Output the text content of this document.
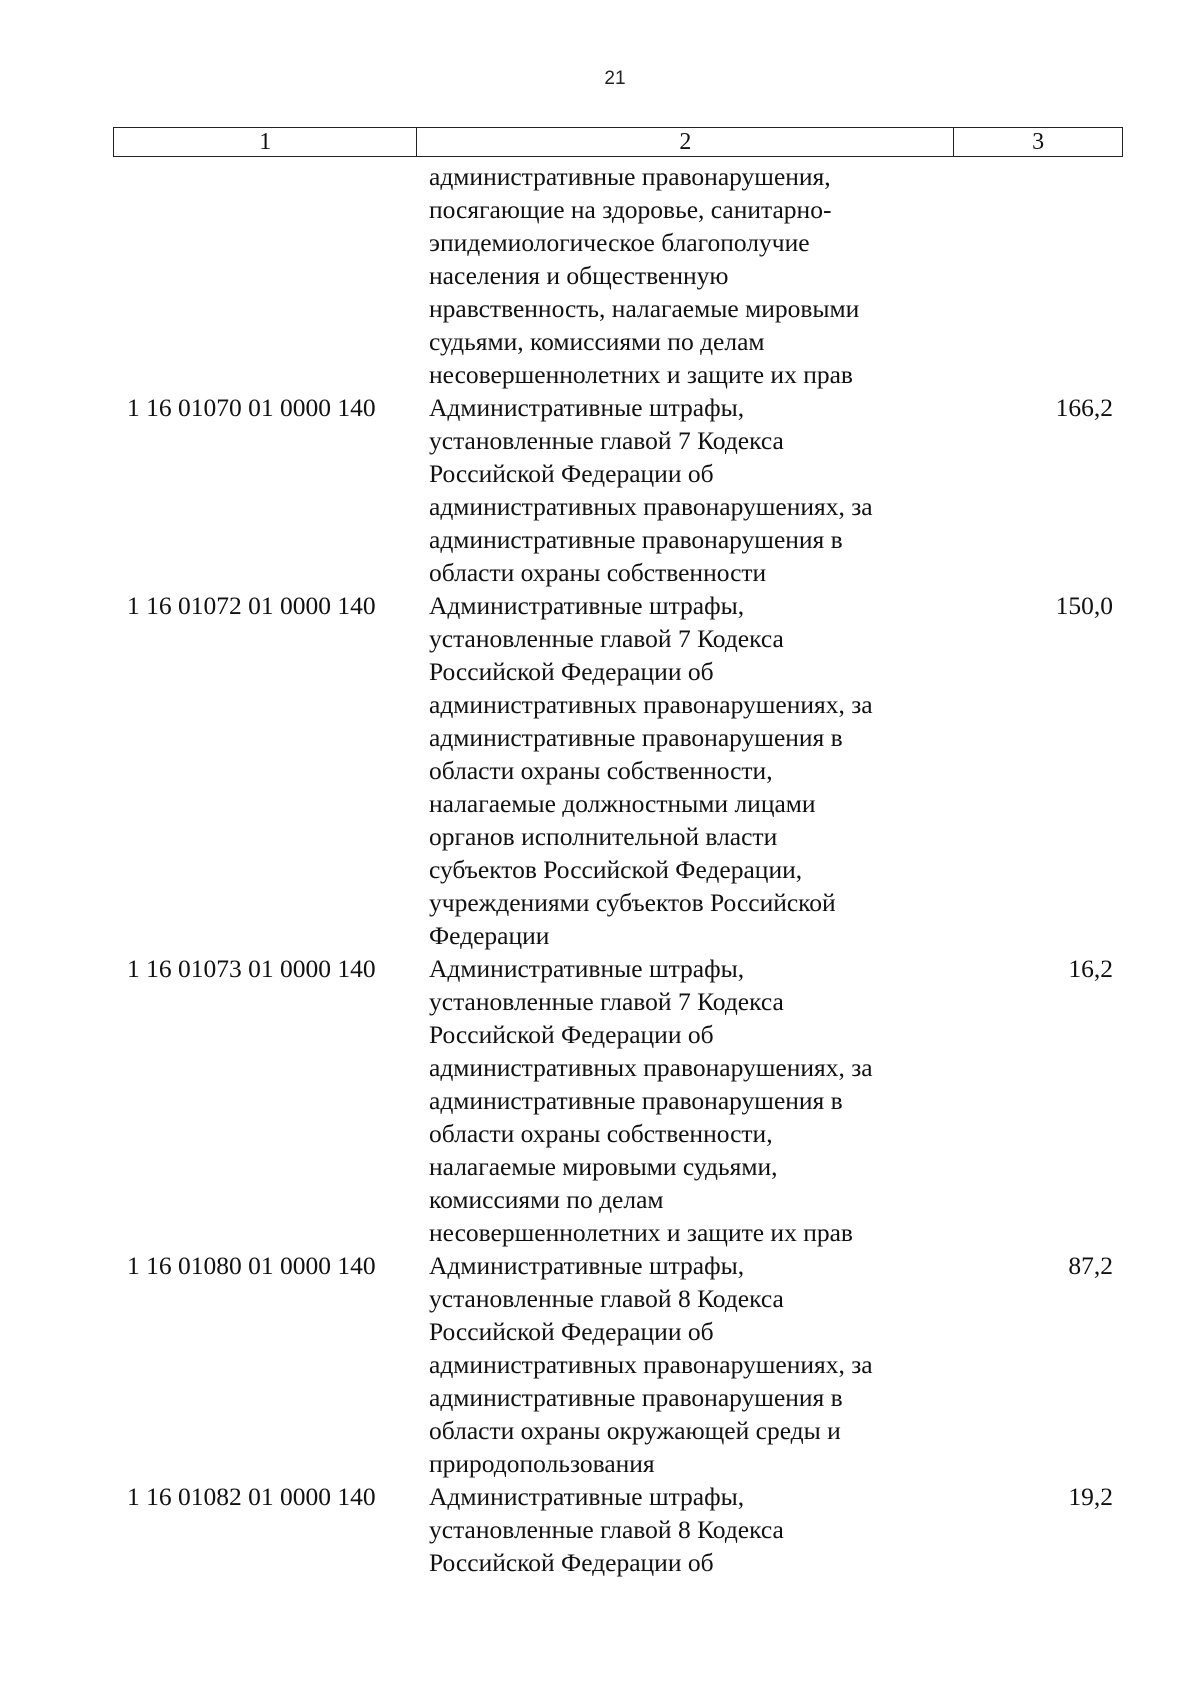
21
1	2	3
административные правонарушения,
посягающие на здоровье, санитарно-
эпидемиологическое благополучие
населения и общественную
нравственность, налагаемые мировыми
судьями, комиссиями по делам
несовершеннолетних и защите их прав
1 16 01070 01 0000 140	Административные штрафы,
установленные главой 7 Кодекса
Российской Федерации об
административных правонарушениях, за
административные правонарушения в
области охраны собственности
166,2
1 16 01072 01 0000 140	Административные штрафы,
установленные главой 7 Кодекса
Российской Федерации об
административных правонарушениях, за
административные правонарушения в
области охраны собственности,
налагаемые должностными лицами
органов исполнительной власти
субъектов Российской Федерации,
учреждениями субъектов Российской
Федерации
150,0
1 16 01073 01 0000 140	Административные штрафы,
установленные главой 7 Кодекса
Российской Федерации об
административных правонарушениях, за
административные правонарушения в
области охраны собственности,
налагаемые мировыми судьями,
комиссиями по делам
несовершеннолетних и защите их прав
16,2
1 16 01080 01 0000 140	Административные штрафы,
установленные главой 8 Кодекса
Российской Федерации об
административных правонарушениях, за
административные правонарушения в
области охраны окружающей среды и
природопользования
87,2
1 16 01082 01 0000 140	Административные штрафы,
установленные главой 8 Кодекса
Российской Федерации об
19,2
